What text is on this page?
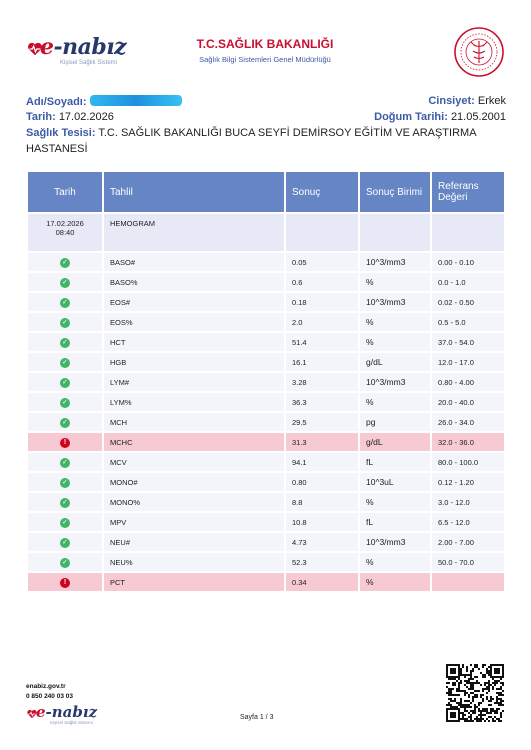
e-nabız
Kişisel Sağlık Sistemi
T.C.SAĞLIK BAKANLIĞI
Sağlık Bilgi Sistemleri Genel Müdürlüğü
Adı/Soyadı:	Cinsiyet: Erkek
Tarih: 17.02.2026	Doğum Tarihi: 21.05.2001
Sağlık Tesisi: T.C. SAĞLIK BAKANLIĞI BUCA SEYFİ DEMİRSOY EĞİTİM VE ARAŞTIRMA
HASTANESİ
Tarih	Tahlil	Sonuç	Sonuç Birimi	Referans Değeri
17.02.2026
08:40	HEMOGRAM			
✓	BASO#	0.05	10^3/mm3	0.00 - 0.10
✓	BASO%	0.6	%	0.0 - 1.0
✓	EOS#	0.18	10^3/mm3	0.02 - 0.50
✓	EOS%	2.0	%	0.5 - 5.0
✓	HCT	51.4	%	37.0 - 54.0
✓	HGB	16.1	g/dL	12.0 - 17.0
✓	LYM#	3.28	10^3/mm3	0.80 - 4.00
✓	LYM%	36.3	%	20.0 - 40.0
✓	MCH	29.5	pg	26.0 - 34.0
!	MCHC	31.3	g/dL	32.0 - 36.0
✓	MCV	94.1	fL	80.0 - 100.0
✓	MONO#	0.80	10^3uL	0.12 - 1.20
✓	MONO%	8.8	%	3.0 - 12.0
✓	MPV	10.8	fL	6.5 - 12.0
✓	NEU#	4.73	10^3/mm3	2.00 - 7.00
✓	NEU%	52.3	%	50.0 - 70.0
!	PCT	0.34	%	
enabiz.gov.tr
0 850 240 03 03
e-nabız
Kişisel Sağlık Sistemi
Sayfa 1 / 3
